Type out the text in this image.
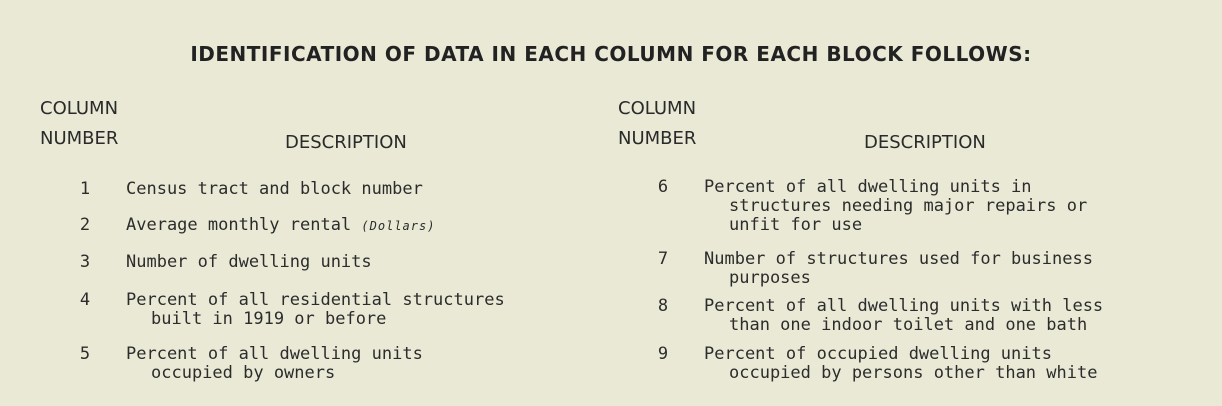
IDENTIFICATION OF DATA IN EACH COLUMN FOR EACH BLOCK FOLLOWS:
COLUMN
NUMBER	DESCRIPTION
1 Census tract and block number
2 Average monthly rental (Dollars)
3 Number of dwelling units
4 Percent of all residential structures
built in 1919 or before
5 Percent of all dwelling units
occupied by owners
COLUMN
NUMBER	DESCRIPTION
6 Percent of all dwelling units in
structures needing major repairs or
unfit for use
7 Number of structures used for business
purposes
8 Percent of all dwelling units with less
than one indoor toilet and one bath
9 Percent of occupied dwelling units
occupied by persons other than white
